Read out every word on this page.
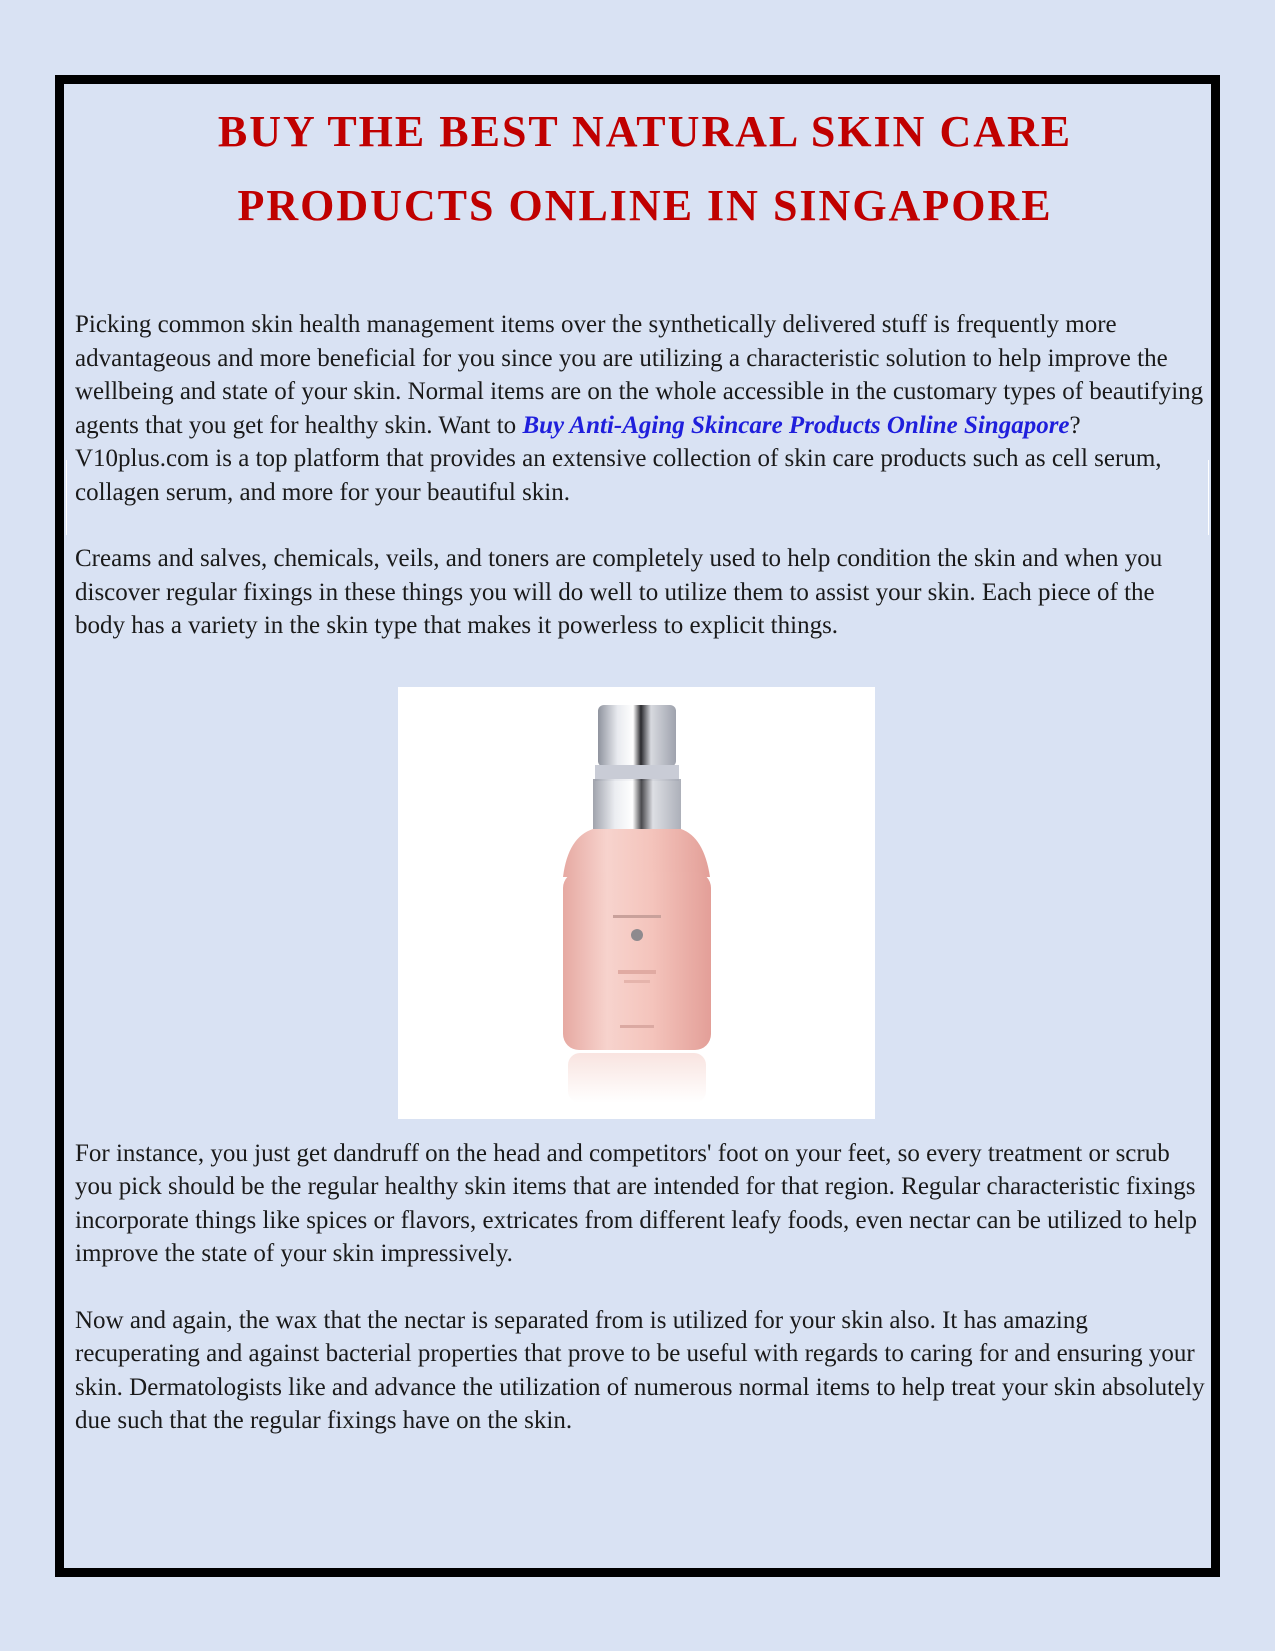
BUY THE BEST NATURAL SKIN CARE PRODUCTS ONLINE IN SINGAPORE

Picking common skin health management items over the synthetically delivered stuff is frequently more advantageous and more beneficial for you since you are utilizing a characteristic solution to help improve the wellbeing and state of your skin. Normal items are on the whole accessible in the customary types of beautifying agents that you get for healthy skin. Want to Buy Anti-Aging Skincare Products Online Singapore? V10plus.com is a top platform that provides an extensive collection of skin care products such as cell serum, collagen serum, and more for your beautiful skin.

Creams and salves, chemicals, veils, and toners are completely used to help condition the skin and when you discover regular fixings in these things you will do well to utilize them to assist your skin. Each piece of the body has a variety in the skin type that makes it powerless to explicit things.

For instance, you just get dandruff on the head and competitors' foot on your feet, so every treatment or scrub you pick should be the regular healthy skin items that are intended for that region. Regular characteristic fixings incorporate things like spices or flavors, extricates from different leafy foods, even nectar can be utilized to help improve the state of your skin impressively.

Now and again, the wax that the nectar is separated from is utilized for your skin also. It has amazing recuperating and against bacterial properties that prove to be useful with regards to caring for and ensuring your skin. Dermatologists like and advance the utilization of numerous normal items to help treat your skin absolutely due such that the regular fixings have on the skin.
